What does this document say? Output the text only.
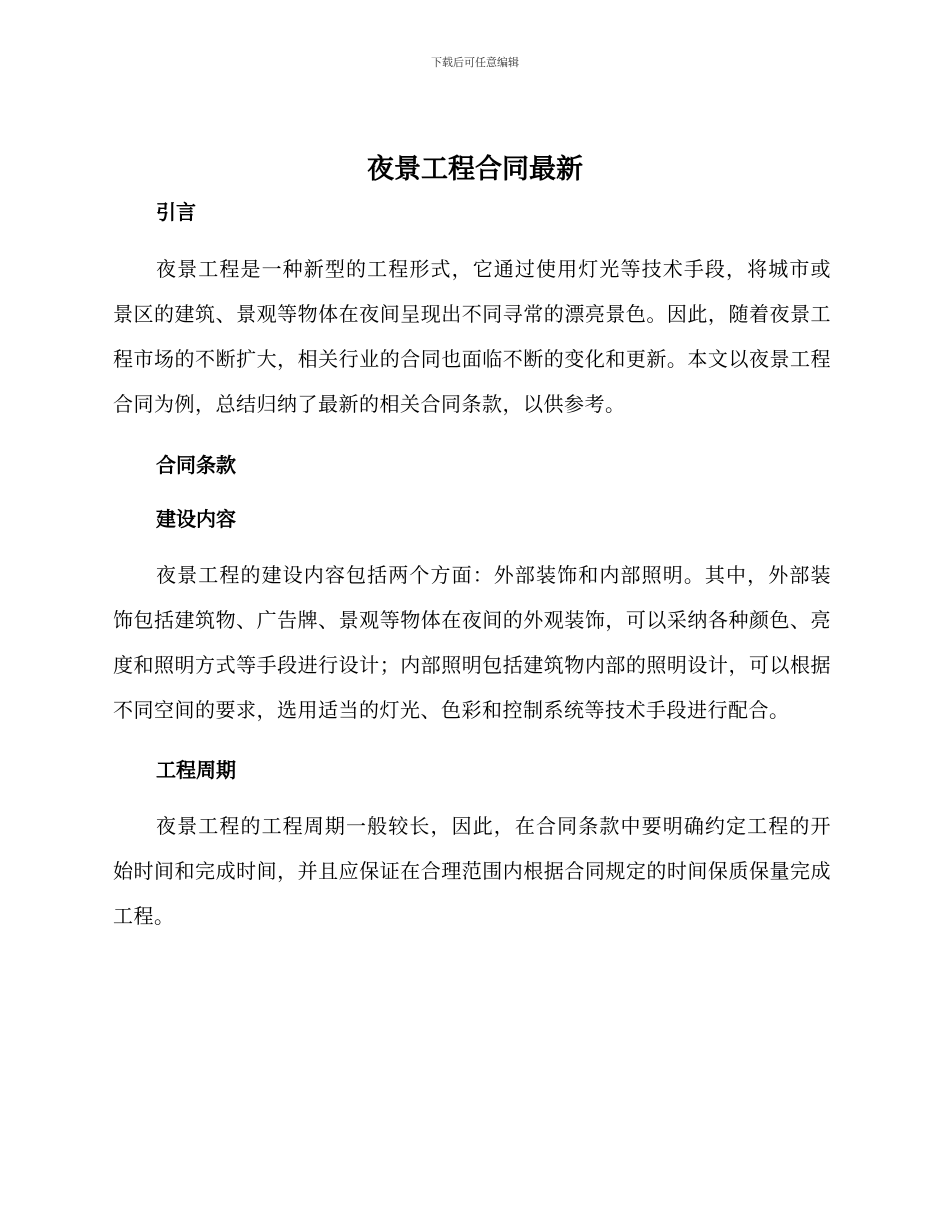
下载后可任意编辑
夜景工程合同最新
引言

夜景工程是一种新型的工程形式，它通过使用灯光等技术手段，将城市或景区的建筑、景观等物体在夜间呈现出不同寻常的漂亮景色。因此，随着夜景工程市场的不断扩大，相关行业的合同也面临不断的变化和更新。本文以夜景工程合同为例，总结归纳了最新的相关合同条款，以供参考。

合同条款
建设内容

夜景工程的建设内容包括两个方面：外部装饰和内部照明。其中，外部装饰包括建筑物、广告牌、景观等物体在夜间的外观装饰，可以采纳各种颜色、亮度和照明方式等手段进行设计；内部照明包括建筑物内部的照明设计，可以根据不同空间的要求，选用适当的灯光、色彩和控制系统等技术手段进行配合。

工程周期

夜景工程的工程周期一般较长，因此，在合同条款中要明确约定工程的开始时间和完成时间，并且应保证在合理范围内根据合同规定的时间保质保量完成工程。
